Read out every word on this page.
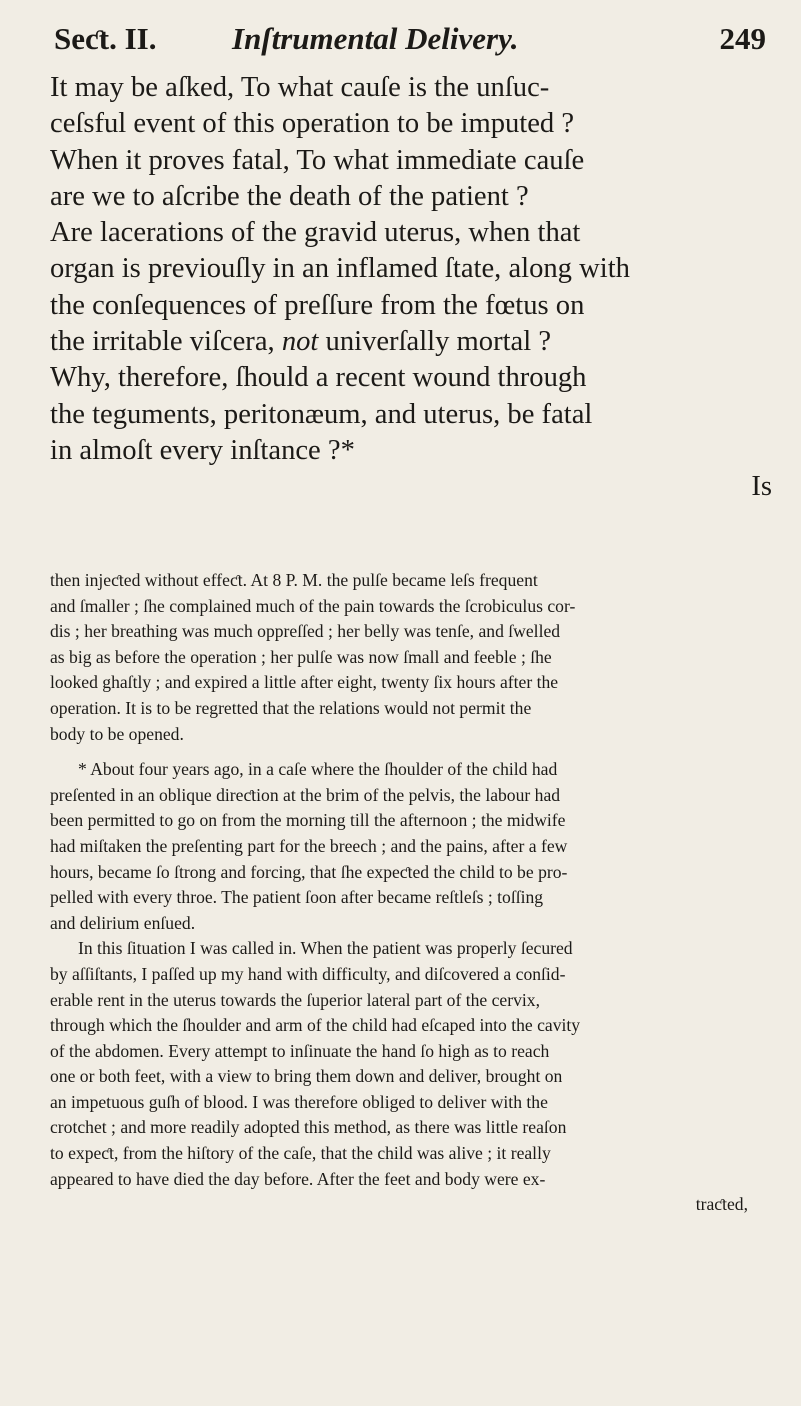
Seƈt. II. Inſtrumental Delivery.	249
It may be aſked, To what cauſe is the unſuc-
ceſsful event of this operation to be imputed ?
When it proves fatal, To what immediate cauſe
are we to aſcribe the death of the patient ?
Are lacerations of the gravid uterus, when that
organ is previouſly in an inflamed ſtate, along with
the conſequences of preſſure from the fœtus on
the irritable viſcera, not univerſally mortal ?
Why, therefore, ſhould a recent wound through
the teguments, peritonæum, and uterus, be fatal
in almoſt every inſtance ?*
Is
then injeƈted without effeƈt. At 8 P. M. the pulſe became leſs frequent
and ſmaller ; ſhe complained much of the pain towards the ſcrobiculus cor-
dis ; her breathing was much oppreſſed ; her belly was tenſe, and ſwelled
as big as before the operation ; her pulſe was now ſmall and feeble ; ſhe
looked ghaſtly ; and expired a little after eight, twenty ſix hours after the
operation. It is to be regretted that the relations would not permit the
body to be opened.
* About four years ago, in a caſe where the ſhoulder of the child had
preſented in an oblique direƈtion at the brim of the pelvis, the labour had
been permitted to go on from the morning till the afternoon ; the midwife
had miſtaken the preſenting part for the breech ; and the pains, after a few
hours, became ſo ſtrong and forcing, that ſhe expeƈted the child to be pro-
pelled with every throe. The patient ſoon after became reſtleſs ; toſſing
and delirium enſued.
In this ſituation I was called in. When the patient was properly ſecured
by aſſiſtants, I paſſed up my hand with difficulty, and diſcovered a conſid-
erable rent in the uterus towards the ſuperior lateral part of the cervix,
through which the ſhoulder and arm of the child had eſcaped into the cavity
of the abdomen. Every attempt to inſinuate the hand ſo high as to reach
one or both feet, with a view to bring them down and deliver, brought on
an impetuous guſh of blood. I was therefore obliged to deliver with the
crotchet ; and more readily adopted this method, as there was little reaſon
to expeƈt, from the hiſtory of the caſe, that the child was alive ; it really
appeared to have died the day before. After the feet and body were ex-
traƈted,
